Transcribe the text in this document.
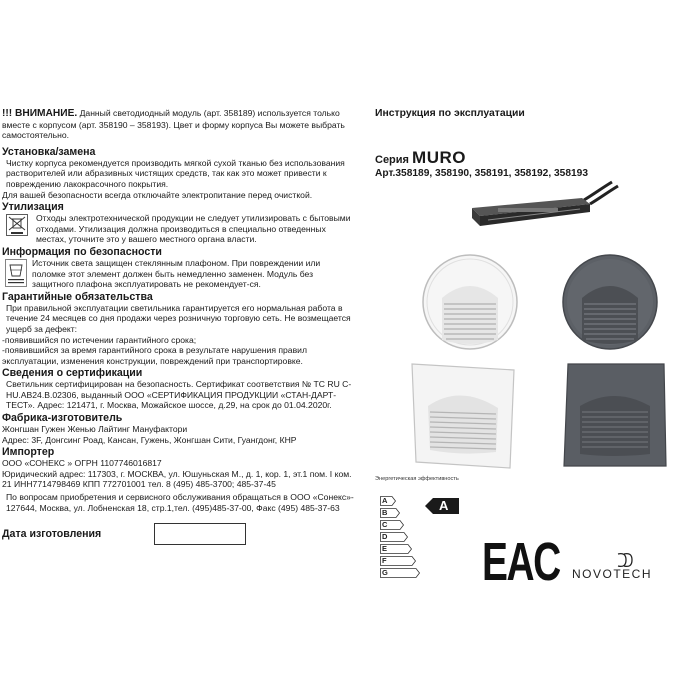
!!! ВНИМАНИЕ. Данный светодиодный модуль (арт. 358189) используется только вместе с корпусом (арт. 358190 – 358193). Цвет и форму корпуса Вы можете выбрать самостоятельно.

Установка/замена

Чистку корпуса рекомендуется производить мягкой сухой тканью без использования растворителей или абразивных чистящих средств, так как это может привести к повреждению лакокрасочного покрытия.

Для вашей безопасности всегда отключайте электропитание перед очисткой.

Утилизация

Отходы электротехнической продукции не следует утилизировать с бытовыми отходами. Утилизация должна производиться в специально отведенных местах, уточните это у вашего местного органа власти.

Информация по безопасности

Источник света защищен стеклянным плафоном. При повреждении или поломке этот элемент должен быть немедленно заменен. Модуль без защитного плафона эксплуатировать не рекомендует-ся.

Гарантийные обязательства

При правильной эксплуатации светильника гарантируется его нормальная работа в течение 24 месяцев со дня продажи через розничную торговую сеть. Не возмещается ущерб за дефект:

-появившийся по истечении гарантийного срока;

-появившийся за время гарантийного срока в результате нарушения правил эксплуатации, изменения конструкции, повреждений при транспортировке.

Сведения о сертификации

Светильник сертифицирован на безопасность. Сертификат соответствия № ТС RU C-HU.AB24.B.02306, выданный ООО «СЕРТИФИКАЦИЯ ПРОДУКЦИИ «СТАН-ДАРТ-ТЕСТ». Адрес: 121471, г. Москва, Можайское шоссе, д.29, на срок до 01.04.2020г.

Фабрика-изготовитель

Жонгшан Гужен Женью Лайтинг Мануфактори

Адрес: 3F, Донгсинг Роад, Кансан, Гужень, Жонгшан Сити, Гуангдонг, КНР

Импортер

ООО «СОНЕКС » ОГРН 1107746016817

Юридический адрес: 117303, г. МОСКВА, ул. Юшуньская М., д. 1, кор. 1, эт.1 пом. I ком. 21 ИНН7714798469 КПП 772701001 тел. 8 (495) 485-3700; 485-37-45

По вопросам приобретения и сервисного обслуживания обращаться в ООО «Сонекс»- 127644, Москва, ул. Лобненская 18, стр.1,тел. (495)485-37-00, Факс (495) 485-37-63

Дата изготовления
Инструкция по эксплуатации
Серия MURO
Арт.358189, 358190, 358191, 358192, 358193
Энергетическая эффективность
A
B
C
D
E
F
G
A
EAC NOVOTECH
